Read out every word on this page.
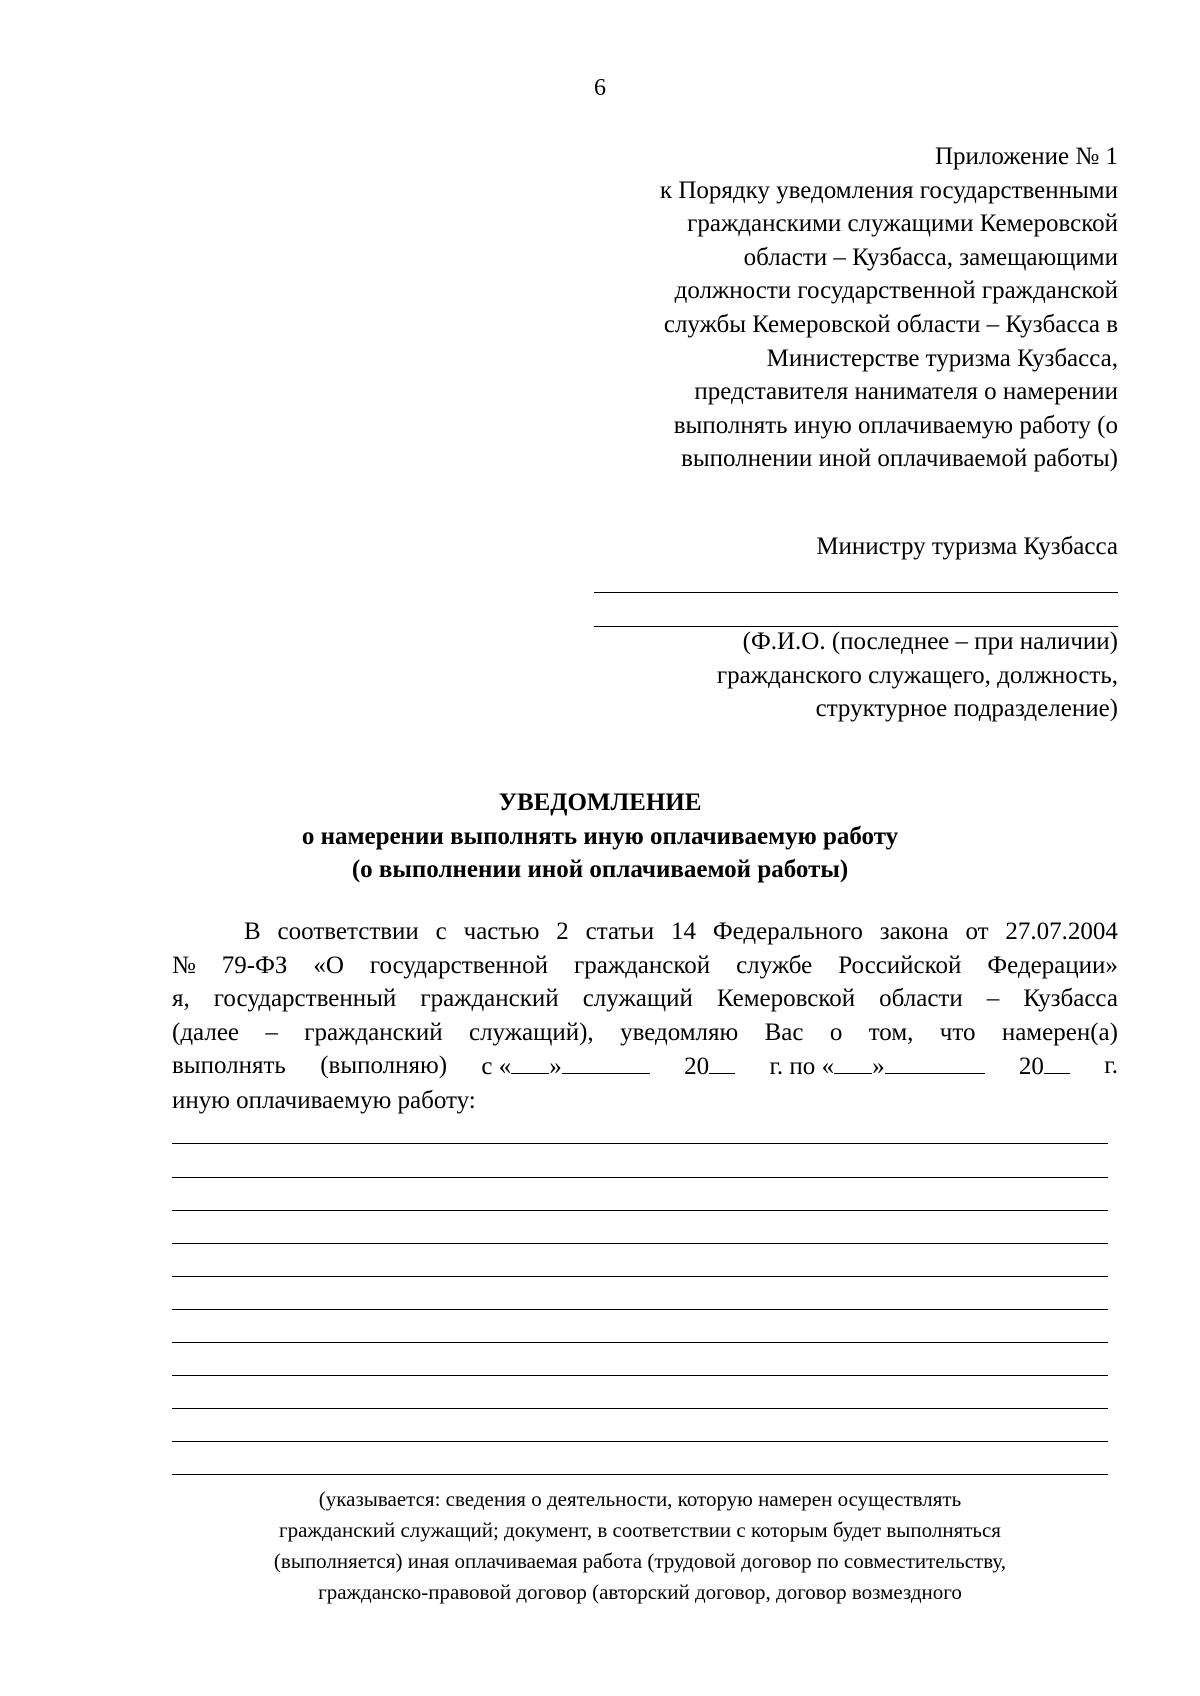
6
Приложение № 1
к Порядку уведомления государственными
гражданскими служащими Кемеровской
области – Кузбасса, замещающими
должности государственной гражданской
службы Кемеровской области – Кузбасса в
Министерстве туризма Кузбасса,
представителя нанимателя о намерении
выполнять иную оплачиваемую работу (о
выполнении иной оплачиваемой работы)
Министру туризма Кузбасса
(Ф.И.О. (последнее – при наличии)
гражданского служащего, должность,
структурное подразделение)
УВЕДОМЛЕНИЕ
о намерении выполнять иную оплачиваемую работу
(о выполнении иной оплачиваемой работы)
В соответствии с частью 2 статьи 14 Федерального закона от 27.07.2004
№ 79-ФЗ «О государственной гражданской службе Российской Федерации»
я, государственный гражданский служащий Кемеровской области – Кузбасса
(далее – гражданский служащий), уведомляю Вас о том, что намерен(а)
выполнять (выполняю) с « »	20	г. по « »	20	г.
иную оплачиваемую работу:
(указывается: сведения о деятельности, которую намерен осуществлять
гражданский служащий; документ, в соответствии с которым будет выполняться
(выполняется) иная оплачиваемая работа (трудовой договор по совместительству,
гражданско-правовой договор (авторский договор, договор возмездного
